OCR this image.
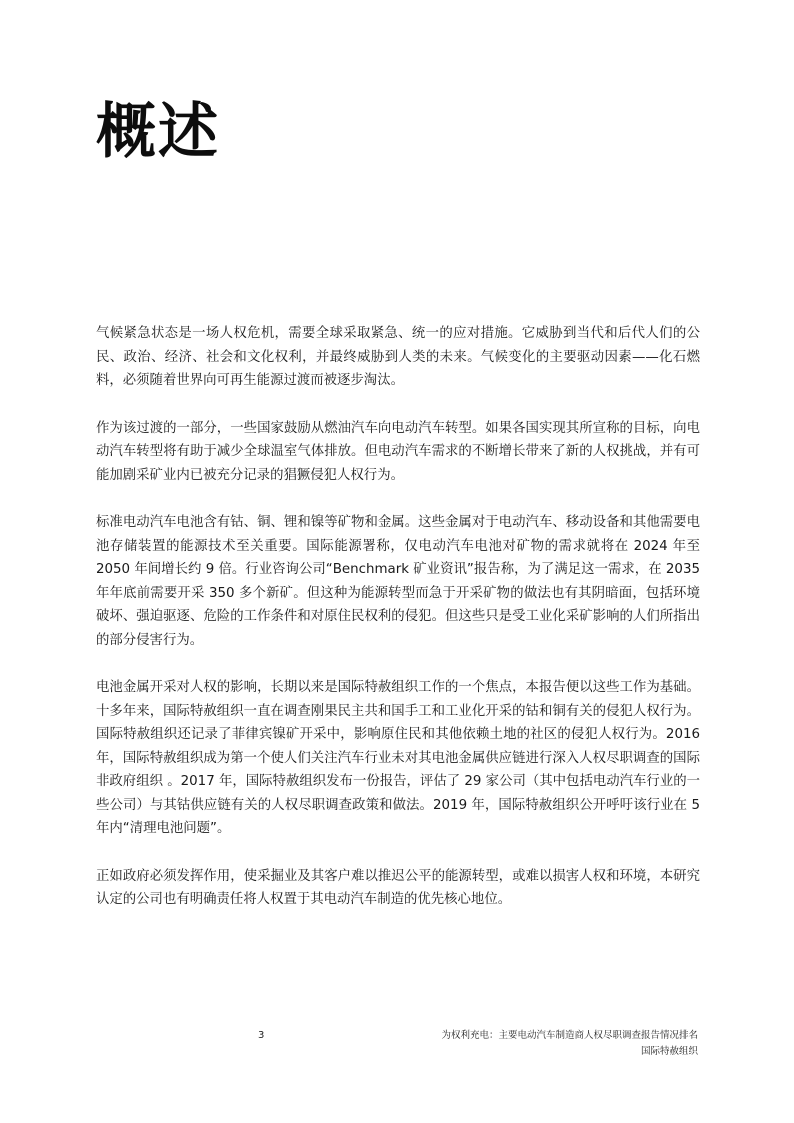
概述

气候紧急状态是一场人权危机，需要全球采取紧急、统一的应对措施。它威胁到当代和后代人们的公民、政治、经济、社会和文化权利，并最终威胁到人类的未来。气候变化的主要驱动因素——化石燃料，必须随着世界向可再生能源过渡而被逐步淘汰。

作为该过渡的一部分，一些国家鼓励从燃油汽车向电动汽车转型。如果各国实现其所宣称的目标，向电动汽车转型将有助于减少全球温室气体排放。但电动汽车需求的不断增长带来了新的人权挑战，并有可能加剧采矿业内已被充分记录的猖獗侵犯人权行为。

标准电动汽车电池含有钴、铜、锂和镍等矿物和金属。这些金属对于电动汽车、移动设备和其他需要电池存储装置的能源技术至关重要。国际能源署称，仅电动汽车电池对矿物的需求就将在 2024 年至 2050 年间增长约 9 倍。行业咨询公司“Benchmark 矿业资讯”报告称，为了满足这一需求，在 2035 年年底前需要开采 350 多个新矿。但这种为能源转型而急于开采矿物的做法也有其阴暗面，包括环境破坏、强迫驱逐、危险的工作条件和对原住民权利的侵犯。但这些只是受工业化采矿影响的人们所指出的部分侵害行为。

电池金属开采对人权的影响，长期以来是国际特赦组织工作的一个焦点，本报告便以这些工作为基础。十多年来，国际特赦组织一直在调查刚果民主共和国手工和工业化开采的钴和铜有关的侵犯人权行为。国际特赦组织还记录了菲律宾镍矿开采中，影响原住民和其他依赖土地的社区的侵犯人权行为。2016 年，国际特赦组织成为第一个使人们关注汽车行业未对其电池金属供应链进行深入人权尽职调查的国际非政府组织 。2017 年，国际特赦组织发布一份报告，评估了 29 家公司（其中包括电动汽车行业的一些公司）与其钴供应链有关的人权尽职调查政策和做法。2019 年，国际特赦组织公开呼吁该行业在 5 年内“清理电池问题”。

正如政府必须发挥作用，使采掘业及其客户难以推迟公平的能源转型，或难以损害人权和环境，本研究认定的公司也有明确责任将人权置于其电动汽车制造的优先核心地位。

3	为权利充电：主要电动汽车制造商人权尽职调查报告情况排名
国际特赦组织
